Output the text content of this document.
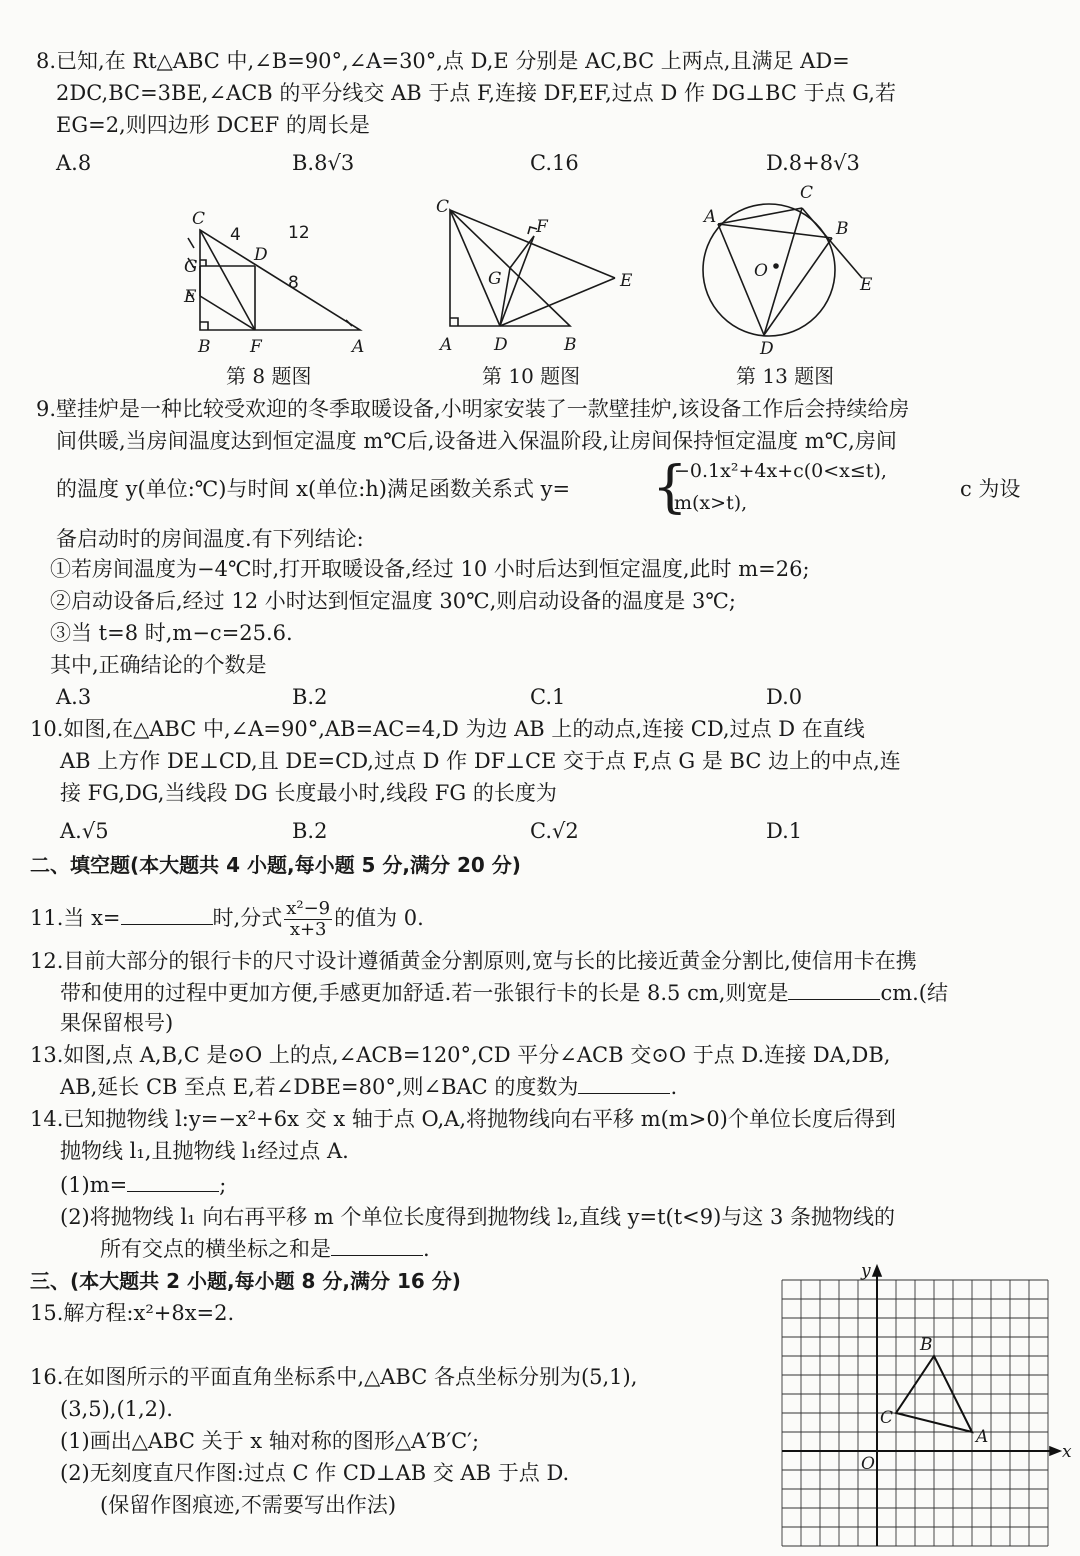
8.已知,在 Rt△ABC 中,∠B=90°,∠A=30°,点 D,E 分别是 AC,BC 上两点,且满足 AD=
2DC,BC=3BE,∠ACB 的平分线交 AB 于点 F,连接 DF,EF,过点 D 作 DG⊥BC 于点 G,若
EG=2,则四边形 DCEF 的周长是
A.8	B.8√3	C.16	D.8+8√3
C
D
G
E
B F	A
4	12
8
第 8 题图
C
F
G	E
A D	B
第 10 题图
C
A
B
O
E
D
第 13 题图
9.壁挂炉是一种比较受欢迎的冬季取暖设备,小明家安装了一款壁挂炉,该设备工作后会持续给房
间供暖,当房间温度达到恒定温度 m℃后,设备进入保温阶段,让房间保持恒定温度 m℃,房间
的温度 y(单位:℃)与时间 x(单位:h)满足函数关系式 y= {
−0.1x²+4x+c(0<x≤t),
m(x>t),
c 为设
备启动时的房间温度.有下列结论:
①若房间温度为−4℃时,打开取暖设备,经过 10 小时后达到恒定温度,此时 m=26;
②启动设备后,经过 12 小时达到恒定温度 30℃,则启动设备的温度是 3℃;
③当 t=8 时,m−c=25.6.
其中,正确结论的个数是
A.3	B.2	C.1	D.0
10.如图,在△ABC 中,∠A=90°,AB=AC=4,D 为边 AB 上的动点,连接 CD,过点 D 在直线
AB 上方作 DE⊥CD,且 DE=CD,过点 D 作 DF⊥CE 交于点 F,点 G 是 BC 边上的中点,连
接 FG,DG,当线段 DG 长度最小时,线段 FG 的长度为
A.√5	B.2	C.√2	D.1
二、填空题(本大题共 4 小题,每小题 5 分,满分 20 分)
11.当 x=	时,分式 $\frac{\text{x²−9}}{x+3}$ 的值为 0.
12.目前大部分的银行卡的尺寸设计遵循黄金分割原则,宽与长的比接近黄金分割比,使信用卡在携
带和使用的过程中更加方便,手感更加舒适.若一张银行卡的长是 8.5 cm,则宽是	cm.(结
果保留根号)
13.如图,点 A,B,C 是⊙O 上的点,∠ACB=120°,CD 平分∠ACB 交⊙O 于点 D.连接 DA,DB,
AB,延长 CB 至点 E,若∠DBE=80°,则∠BAC 的度数为	.
14.已知抛物线 l:y=−x²+6x 交 x 轴于点 O,A,将抛物线向右平移 m(m>0)个单位长度后得到
抛物线 l₁,且抛物线 l₁经过点 A.
(1)m=	;
(2)将抛物线 l₁ 向右再平移 m 个单位长度得到抛物线 l₂,直线 y=t(t<9)与这 3 条抛物线的
所有交点的横坐标之和是	.
三、(本大题共 2 小题,每小题 8 分,满分 16 分)
15.解方程:x²+8x=2.
16.在如图所示的平面直角坐标系中,△ABC 各点坐标分别为(5,1),
(3,5),(1,2).
(1)画出△ABC 关于 x 轴对称的图形△A′B′C′;
(2)无刻度直尺作图:过点 C 作 CD⊥AB 交 AB 于点 D.
(保留作图痕迹,不需要写出作法)
A
B
C
x
y
O
